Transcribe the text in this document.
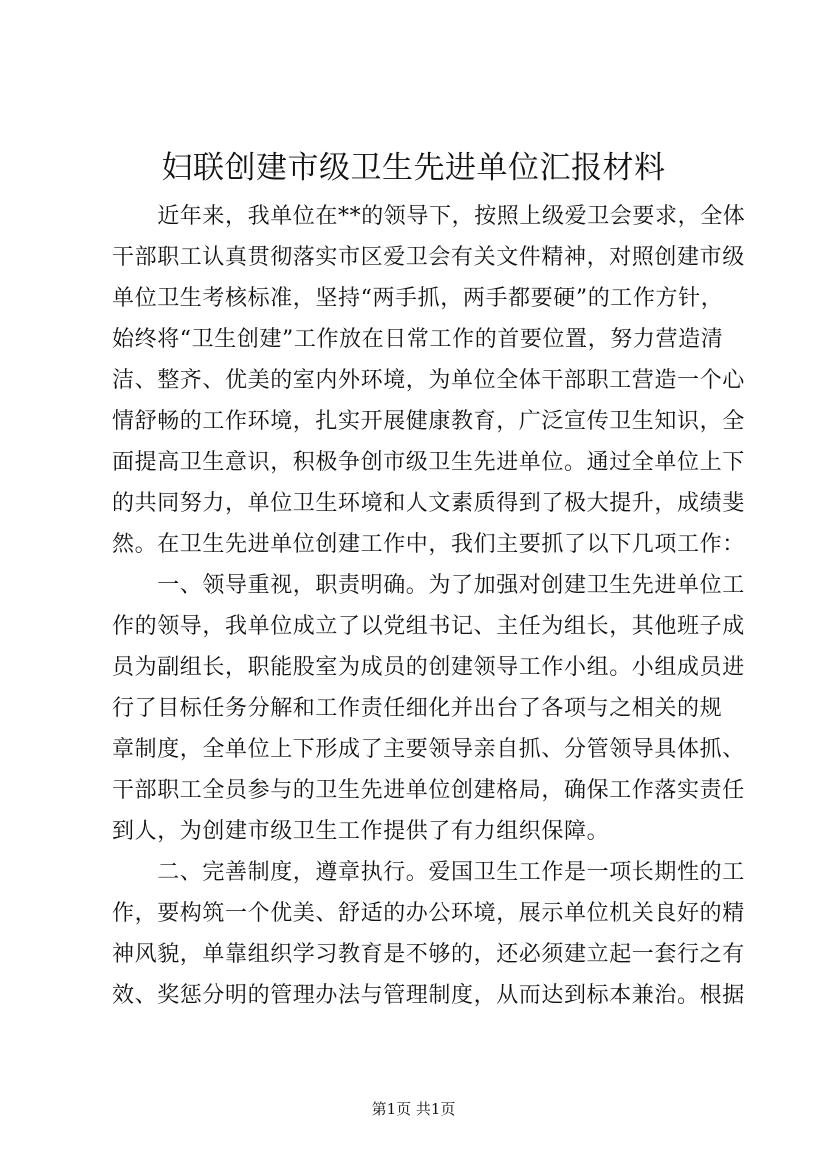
妇联创建市级卫生先进单位汇报材料
　　近年来，我单位在**的领导下，按照上级爱卫会要求，全体
干部职工认真贯彻落实市区爱卫会有关文件精神，对照创建市级
单位卫生考核标准，坚持“两手抓，两手都要硬”的工作方针，
始终将“卫生创建”工作放在日常工作的首要位置，努力营造清
洁、整齐、优美的室内外环境，为单位全体干部职工营造一个心
情舒畅的工作环境，扎实开展健康教育，广泛宣传卫生知识，全
面提高卫生意识，积极争创市级卫生先进单位。通过全单位上下
的共同努力，单位卫生环境和人文素质得到了极大提升，成绩斐
然。在卫生先进单位创建工作中，我们主要抓了以下几项工作：
　　一、领导重视，职责明确。为了加强对创建卫生先进单位工
作的领导，我单位成立了以党组书记、主任为组长，其他班子成
员为副组长，职能股室为成员的创建领导工作小组。小组成员进
行了目标任务分解和工作责任细化并出台了各项与之相关的规
章制度，全单位上下形成了主要领导亲自抓、分管领导具体抓、
干部职工全员参与的卫生先进单位创建格局，确保工作落实责任
到人，为创建市级卫生工作提供了有力组织保障。
　　二、完善制度，遵章执行。爱国卫生工作是一项长期性的工
作，要构筑一个优美、舒适的办公环境，展示单位机关良好的精
神风貌，单靠组织学习教育是不够的，还必须建立起一套行之有
效、奖惩分明的管理办法与管理制度，从而达到标本兼治。根据
第1页 共1页
